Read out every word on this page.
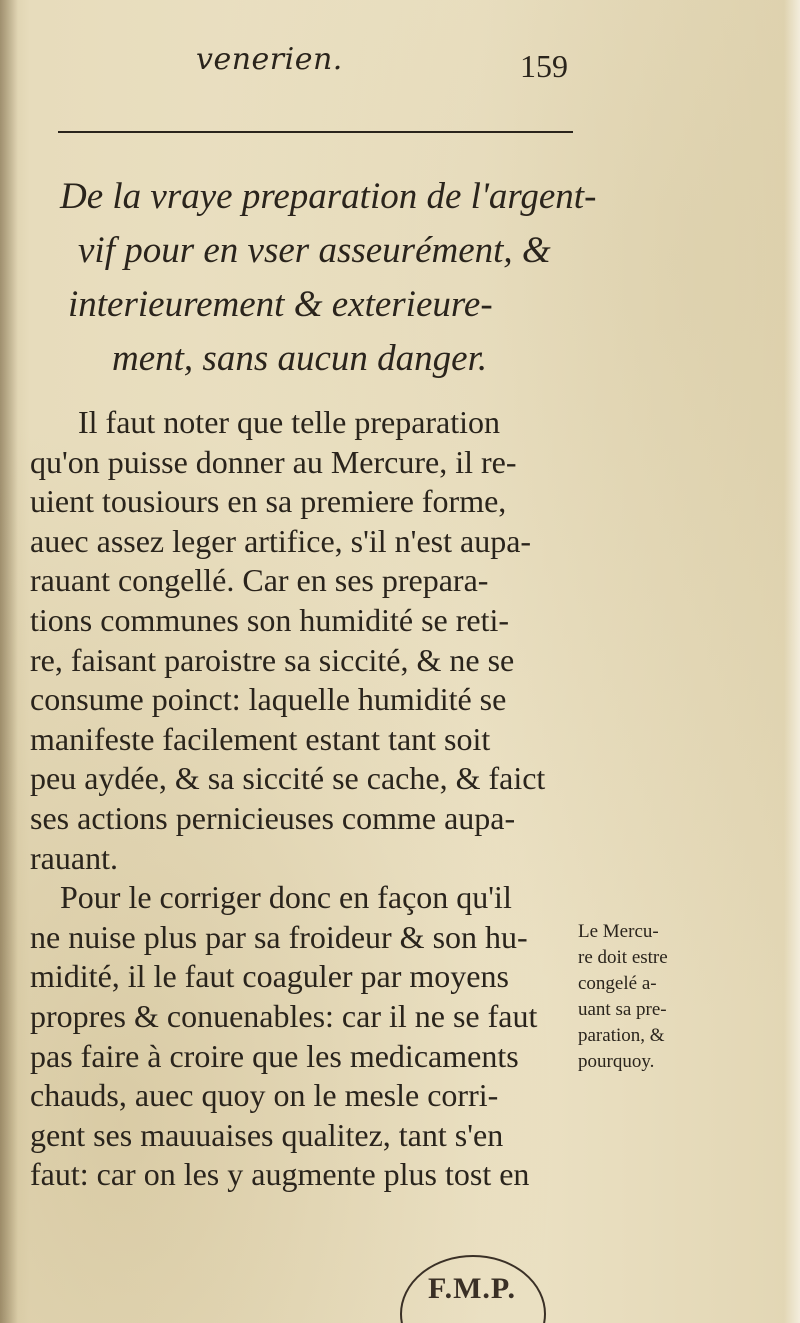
venerien.	159
De la vraye preparation de l'argent-
vif pour en vser asseurément, &
interieurement & exterieure-
ment, sans aucun danger.
Il faut noter que telle preparation
qu'on puisse donner au Mercure, il re-
uient tousiours en sa premiere forme,
auec assez leger artifice, s'il n'est aupa-
rauant congellé. Car en ses prepara-
tions communes son humidité se reti-
re, faisant paroistre sa siccité, & ne se
consume poinct: laquelle humidité se
manifeste facilement estant tant soit
peu aydée, & sa siccité se cache, & faict
ses actions pernicieuses comme aupa-
rauant.
Pour le corriger donc en façon qu'il
ne nuise plus par sa froideur & son hu-
midité, il le faut coaguler par moyens
propres & conuenables: car il ne se faut
pas faire à croire que les medicaments
chauds, auec quoy on le mesle corri-
gent ses mauuaises qualitez, tant s'en
faut: car on les y augmente plus tost en
Le Mercu-
re doit estre
congelé a-
uant sa pre-
paration, &
pourquoy.
F.M.P.
